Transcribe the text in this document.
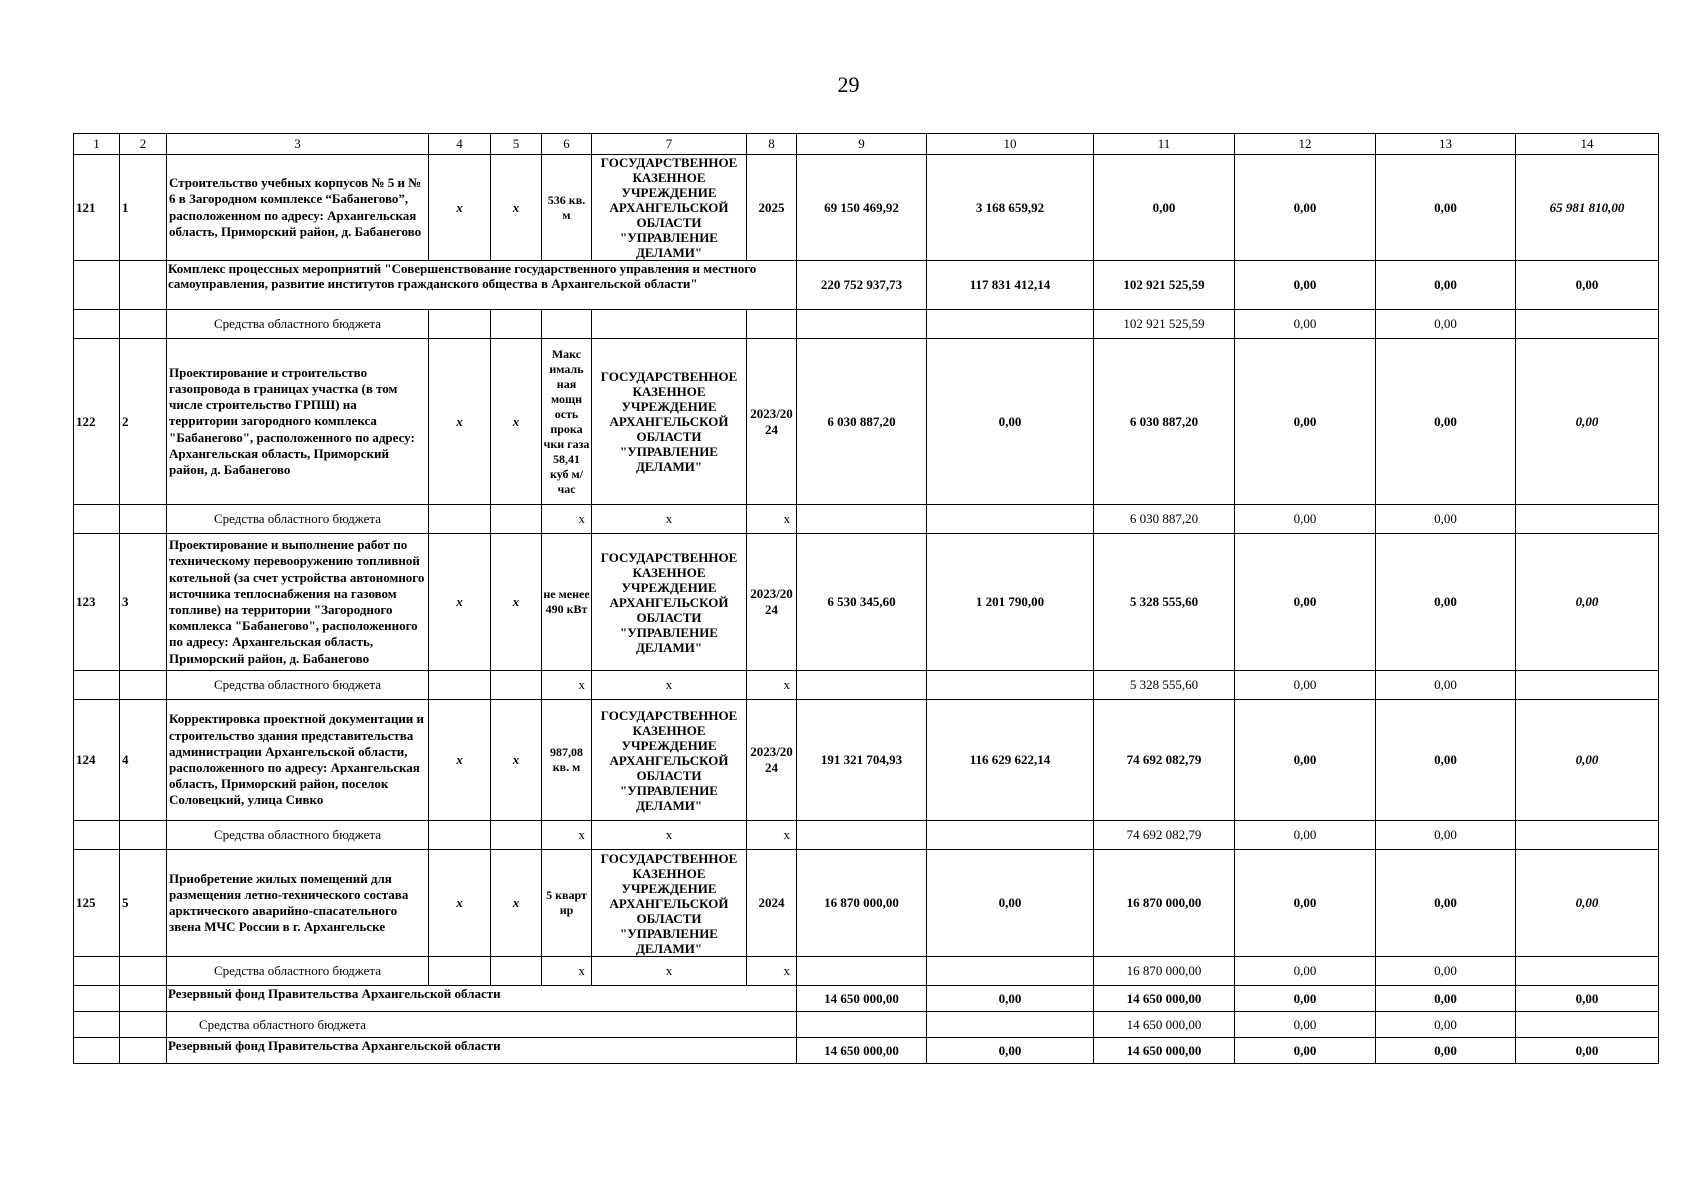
29
1	2	3	4	5	6	7	8	9	10	11	12	13	14
121	1	Строительство учебных корпусов № 5 и № 6 в Загородном комплексе “Бабанегово”, расположенном по адресу: Архангельская область, Приморский район, д. Бабанегово	x	x	536 кв. м	ГОСУДАРСТВЕННОЕ КАЗЕННОЕ УЧРЕЖДЕНИЕ АРХАНГЕЛЬСКОЙ ОБЛАСТИ "УПРАВЛЕНИЕ ДЕЛАМИ"	2025	69 150 469,92	3 168 659,92	0,00	0,00	0,00	65 981 810,00
		Комплекс процессных мероприятий "Совершенствование государственного управления и местного самоуправления, развитие институтов гражданского общества в Архангельской области"						220 752 937,73	117 831 412,14	102 921 525,59	0,00	0,00	0,00
		Средства областного бюджета								102 921 525,59	0,00	0,00	
122	2	Проектирование и строительство газопровода в границах участка (в том числе строительство ГРПШ) на территории загородного комплекса "Бабанегово", расположенного по адресу: Архангельская область, Приморский район, д. Бабанегово	x	x	Макс ималь ная мощн ость прока чки газа 58,41 куб м/час	ГОСУДАРСТВЕННОЕ КАЗЕННОЕ УЧРЕЖДЕНИЕ АРХАНГЕЛЬСКОЙ ОБЛАСТИ "УПРАВЛЕНИЕ ДЕЛАМИ"	2023/20 24	6 030 887,20	0,00	6 030 887,20	0,00	0,00	0,00
		Средства областного бюджета			x	x	x			6 030 887,20	0,00	0,00	
123	3	Проектирование и выполнение работ по техническому перевооружению топливной котельной (за счет устройства автономного источника теплоснабжения на газовом топливе) на территории "Загородного комплекса "Бабанегово", расположенного по адресу: Архангельская область, Приморский район, д. Бабанегово	x	x	не менее 490 кВт	ГОСУДАРСТВЕННОЕ КАЗЕННОЕ УЧРЕЖДЕНИЕ АРХАНГЕЛЬСКОЙ ОБЛАСТИ "УПРАВЛЕНИЕ ДЕЛАМИ"	2023/20 24	6 530 345,60	1 201 790,00	5 328 555,60	0,00	0,00	0,00
		Средства областного бюджета			x	x	x			5 328 555,60	0,00	0,00	
124	4	Корректировка проектной документации и строительство здания представительства администрации Архангельской области, расположенного по адресу: Архангельская область, Приморский район, поселок Соловецкий, улица Сивко	x	x	987,08 кв. м	ГОСУДАРСТВЕННОЕ КАЗЕННОЕ УЧРЕЖДЕНИЕ АРХАНГЕЛЬСКОЙ ОБЛАСТИ "УПРАВЛЕНИЕ ДЕЛАМИ"	2023/20 24	191 321 704,93	116 629 622,14	74 692 082,79	0,00	0,00	0,00
		Средства областного бюджета			x	x	x			74 692 082,79	0,00	0,00	
125	5	Приобретение жилых помещений для размещения летно-технического состава арктического аварийно-спасательного звена МЧС России в г. Архангельске	x	x	5 кварт ир	ГОСУДАРСТВЕННОЕ КАЗЕННОЕ УЧРЕЖДЕНИЕ АРХАНГЕЛЬСКОЙ ОБЛАСТИ "УПРАВЛЕНИЕ ДЕЛАМИ"	2024	16 870 000,00	0,00	16 870 000,00	0,00	0,00	0,00
		Средства областного бюджета			x	x	x			16 870 000,00	0,00	0,00	
		Резервный фонд Правительства Архангельской области						14 650 000,00	0,00	14 650 000,00	0,00	0,00	0,00
		Средства областного бюджета								14 650 000,00	0,00	0,00	
		Резервный фонд Правительства Архангельской области						14 650 000,00	0,00	14 650 000,00	0,00	0,00	0,00
